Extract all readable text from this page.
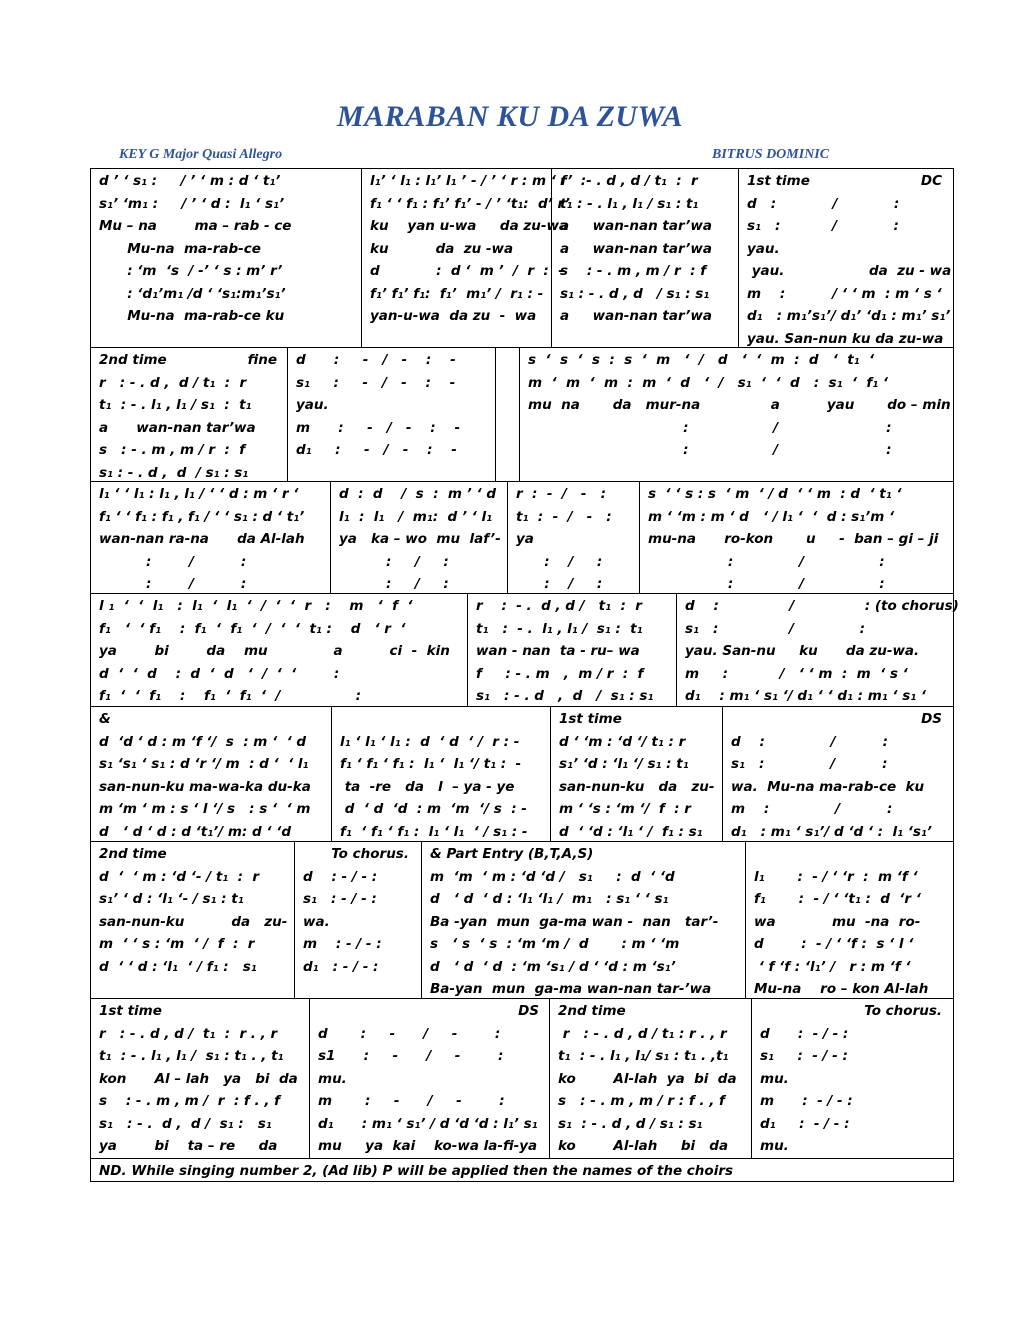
MARABAN KU DA ZUWA
KEY G Major Quasi Allegro	BITRUS DOMINIC
d ’ ‘ s₁ :     / ’ ‘ m : d ‘ t₁’
s₁’ ‘m₁ :     / ’ ‘ d :  l₁ ‘ s₁’
Mu – na        ma – rab - ce
Mu-na  ma-rab-ce
: ‘m  ‘s  / -’ ‘ s : m’ r’
: ‘d₁’m₁ /d ‘ ‘s₁:m₁’s₁’
Mu-na  ma-rab-ce ku
l₁’ ‘ l₁ : l₁’ l₁ ’ - / ’ ‘ r : m ‘ f’
f₁ ‘ ‘ f₁ : f₁’ f₁’ - / ’ ‘t₁:  d’ r’
ku    yan u-wa     da zu-wa
ku          da  zu -wa
d            :  d ‘  m ’  /  r  :  -
f₁’ f₁’ f₁:  f₁’  m₁’ /  r₁ : -
yan-u-wa  da zu  -  wa
r   :- . d , d / t₁  :  r
t₁ : - . l₁ , l₁ / s₁ : t₁
a     wan-nan tar’wa
a     wan-nan tar’wa
s    : - . m , m / r  : f
s₁ : - . d , d   / s₁ : s₁
a     wan-nan tar’wa
1st time	DC
d   :            /            :
s₁   :           /            :
yau.
yau.                  da  zu - wa
m    :          / ‘ ‘ m  : m ‘ s ‘
d₁   : m₁’s₁’/ d₁’ ‘d₁ : m₁’ s₁’
yau. San-nun ku da zu-wa
2nd time	fine
r   : - . d ,  d / t₁  :  r
t₁  : - . l₁ , l₁ / s₁  :  t₁
a      wan-nan tar’wa
s   : - . m , m / r  :  f
s₁ : - . d ,  d  / s₁ : s₁
d      :     -   /   -    :    -
s₁     :     -   /   -    :    -
yau.
m      :     -   /   -    :    -
d₁     :     -   /   -    :    -
s  ‘  s  ‘  s  :  s  ‘  m   ‘  /   d   ‘  ‘  m  :  d   ‘  t₁  ‘
m  ‘  m  ‘  m  :  m  ‘  d   ‘  /   s₁  ‘  ‘  d   :  s₁  ‘  f₁ ‘
mu  na       da   mur-na               a          yau       do – min
:                  /                       :
:                  /                       :
l₁ ‘ ‘ l₁ : l₁ , l₁ / ‘ ‘ d : m ‘ r ‘
f₁ ‘ ‘ f₁ : f₁ , f₁ / ‘ ‘ s₁ : d ‘ t₁’
wan-nan ra-na      da Al-lah
:        /          :
:        /          :
d  :  d    /  s  :  m ’ ‘ d
l₁  :  l₁   /  m₁:  d ’ ‘ l₁
ya   ka – wo  mu  laf’-
:     /     :
:     /     :
r  :  -  /   -   :
t₁  :  -  /   -   :
ya
:    /     :
:    /     :
s  ‘ ‘ s : s  ‘ m  ‘ / d  ‘ ‘ m  : d  ‘ t₁ ‘
m ‘ ‘m : m ‘ d   ‘ / l₁ ‘  ‘  d : s₁’m ‘
mu-na      ro-kon       u     -  ban – gi – ji
:              /                :
:              /                :
l ₁  ‘  ‘  l₁   :  l₁  ‘  l₁  ‘  /  ‘  ‘  r   :    m   ‘  f  ‘
f₁   ‘  ‘ f₁    :  f₁  ‘  f₁  ‘  /  ‘  ‘  t₁ :    d   ‘ r  ‘
ya        bi        da    mu              a          ci  -  kin
d  ‘  ‘  d    :  d  ‘  d   ‘  /  ‘  ‘        :
f₁  ‘  ‘  f₁    :    f₁  ‘  f₁  ‘  /                :
r    :  - .  d , d /   t₁  :  r
t₁   :  - .  l₁ , l₁ /  s₁ :  t₁
wan - nan  ta - ru– wa
f     : - . m   ,  m / r  :  f
s₁   : - . d   ,  d   /  s₁ : s₁
d    :               /               : (to chorus)
s₁   :               /              :
yau. San-nu     ku      da zu-wa.
m     :           /   ‘ ‘ m  :  m  ‘ s ‘
d₁    : m₁ ‘ s₁ ‘/ d₁ ‘ ‘ d₁ : m₁ ‘ s₁ ‘
&
d  ‘d ‘ d : m ‘f ‘/  s  : m ‘  ‘ d
s₁ ‘s₁ ‘ s₁ : d ‘r ‘/ m  : d ‘  ‘ l₁
san-nun-ku ma-wa-ka du-ka
m ‘m ‘ m : s ‘ l ‘/ s   : s ‘  ‘ m
d   ‘ d ‘ d : d ‘t₁’/ m: d ‘ ‘d
l₁ ‘ l₁ ‘ l₁ :  d  ‘ d  ‘ /  r : -
f₁ ‘ f₁ ‘ f₁ :  l₁ ‘  l₁ ‘/ t₁ :  -
ta  -re   da   l  – ya - ye
d  ‘ d  ‘d  : m  ‘m  ‘/ s  : -
f₁  ‘ f₁ ‘ f₁ :  l₁ ‘ l₁  ‘ / s₁ : -
1st time
d ‘ ‘m : ‘d ‘/ t₁ : r
s₁’ ‘d : ‘l₁ ‘/ s₁ : t₁
san-nun-ku   da   zu-
m ‘ ‘s : ‘m ‘/  f  : r
d  ‘ ‘d : ‘l₁ ‘ /  f₁ : s₁
DS
d    :              /          :
s₁   :              /          :
wa.  Mu-na ma-rab-ce  ku
m    :              /          :
d₁   : m₁ ‘ s₁’/ d ‘d ‘ :  l₁ ‘s₁’
2nd time
d  ‘  ‘ m : ‘d ‘- / t₁  :  r
s₁’ ‘ d : ‘l₁ ‘- / s₁ : t₁
san-nun-ku          da   zu-
m  ‘ ‘ s : ‘m  ‘ /  f  :  r
d  ‘ ‘ d : ‘l₁  ‘ / f₁ :   s₁
To chorus.
d    : - / - :
s₁   : - / - :
wa.
m    : - / - :
d₁   : - / - :
& Part Entry (B,T,A,S)
m  ‘m  ‘ m : ‘d ‘d /   s₁     :  d  ‘ ‘d
d   ‘ d  ‘ d : ‘l₁ ‘l₁ /  m₁   : s₁ ‘ ‘ s₁
Ba -yan  mun  ga-ma wan -  nan   tar’-
s   ‘ s  ‘ s  : ‘m ‘m /  d       : m ‘ ‘m
d   ‘ d  ‘ d  : ‘m ‘s₁ / d ‘ ‘d : m ‘s₁’
Ba-yan  mun  ga-ma wan-nan tar-’wa
l₁       :  - / ‘ ‘r  :  m ‘f ‘
f₁       :  - / ‘ ‘t₁ :  d  ‘r ‘
wa            mu  -na  ro-
d        :  - / ‘ ‘f :  s ‘ l ‘
‘ f ‘f : ‘l₁’ /   r : m ‘f ‘
Mu-na    ro – kon Al-lah
1st time
r   : - . d , d /  t₁  :  r . , r
t₁  : - . l₁ , l₁ /  s₁ : t₁ . , t₁
kon      Al – lah   ya   bi  da
s    : - . m , m /  r  : f . , f
s₁   : - .  d ,  d /  s₁ :   s₁
ya        bi    ta – re     da
DS
d       :     -      /     -        :
s1      :     -      /     -        :
mu.
m       :     -      /     -        :
d₁      : m₁ ‘ s₁’ / d ‘d ‘d : l₁’ s₁
mu     ya  kai    ko-wa la-fi-ya
2nd time
r   : - . d , d / t₁ : r . , r
t₁  : - . l₁ , l₁/ s₁ : t₁ . ,t₁
ko        Al-lah  ya  bi  da
s   : - . m , m / r : f . , f
s₁  : - . d , d / s₁ : s₁
ko        Al-lah     bi   da
To chorus.
d      :  - / - :
s₁     :  - / - :
mu.
m      :  - / - :
d₁     :  - / - :
mu.
ND. While singing number 2, (Ad lib) P will be applied then the names of the choirs
